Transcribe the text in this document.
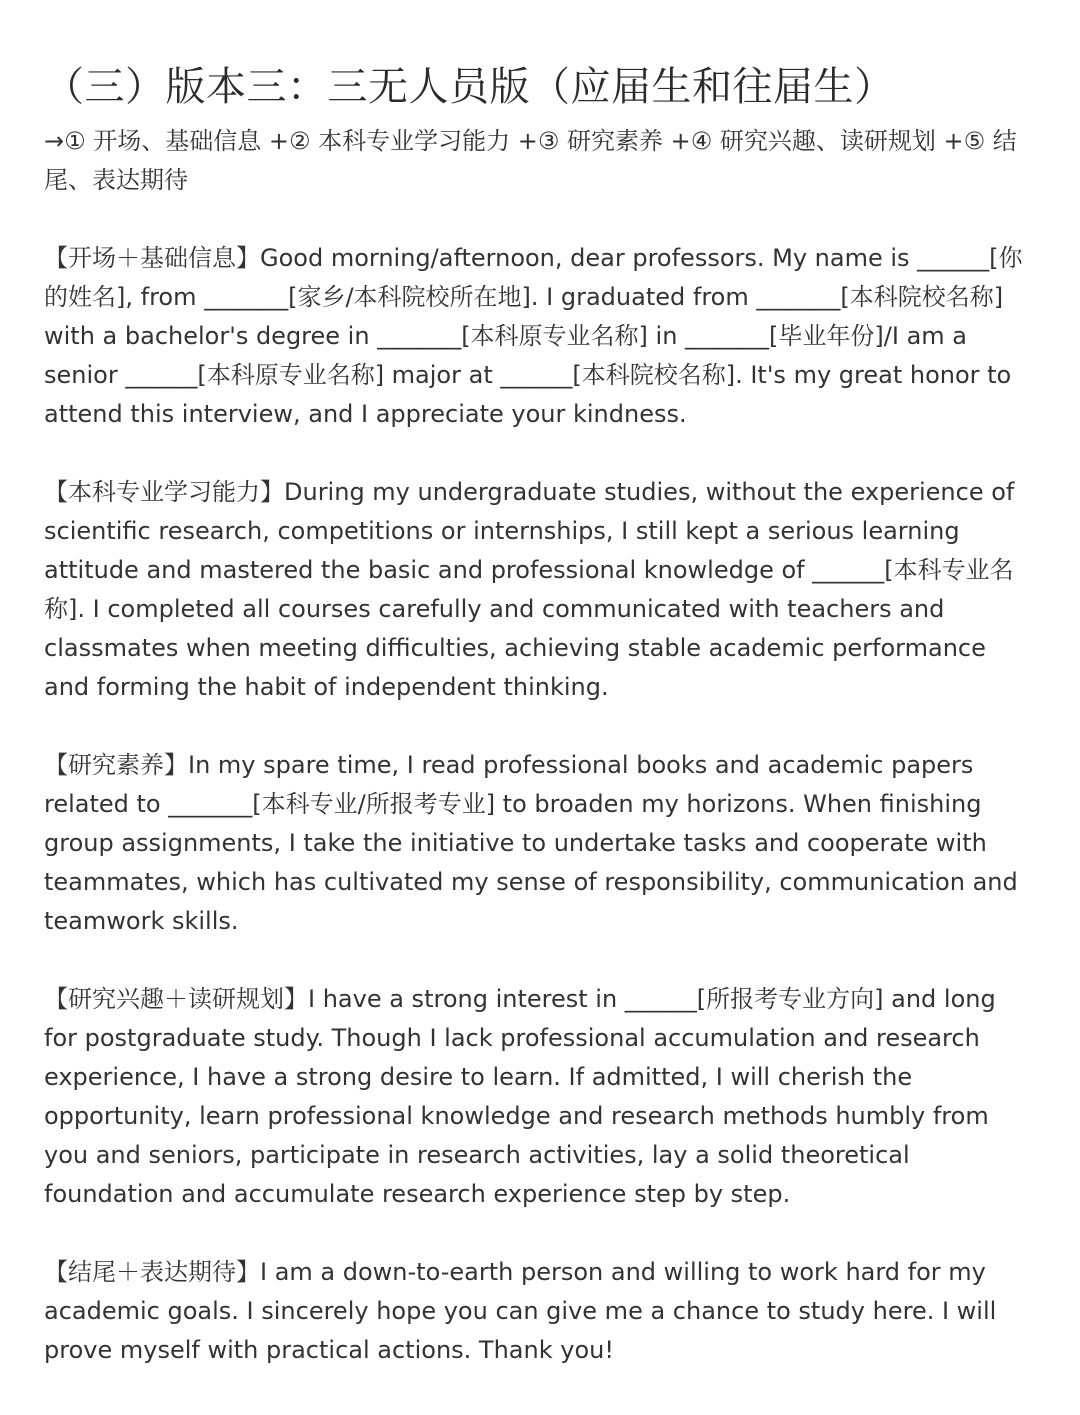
（三）版本三：三无人员版（应届生和往届生）

→① 开场、基础信息 +② 本科专业学习能力 +③ 研究素养 +④ 研究兴趣、读研规划 +⑤ 结尾、表达期待

【开场＋基础信息】Good morning/afternoon, dear professors. My name is ______[你的姓名], from _______[家乡/本科院校所在地]. I graduated from _______[本科院校名称] with a bachelor's degree in _______[本科原专业名称] in _______[毕业年份]/I am a senior ______[本科原专业名称] major at ______[本科院校名称]. It's my great honor to attend this interview, and I appreciate your kindness.

【本科专业学习能力】During my undergraduate studies, without the experience of scientific research, competitions or internships, I still kept a serious learning attitude and mastered the basic and professional knowledge of ______[本科专业名称]. I completed all courses carefully and communicated with teachers and classmates when meeting difficulties, achieving stable academic performance and forming the habit of independent thinking.

【研究素养】In my spare time, I read professional books and academic papers related to _______[本科专业/所报考专业] to broaden my horizons. When finishing group assignments, I take the initiative to undertake tasks and cooperate with teammates, which has cultivated my sense of responsibility, communication and teamwork skills.

【研究兴趣＋读研规划】I have a strong interest in ______[所报考专业方向] and long for postgraduate study. Though I lack professional accumulation and research experience, I have a strong desire to learn. If admitted, I will cherish the opportunity, learn professional knowledge and research methods humbly from you and seniors, participate in research activities, lay a solid theoretical foundation and accumulate research experience step by step.

【结尾＋表达期待】I am a down-to-earth person and willing to work hard for my academic goals. I sincerely hope you can give me a chance to study here. I will prove myself with practical actions. Thank you!
